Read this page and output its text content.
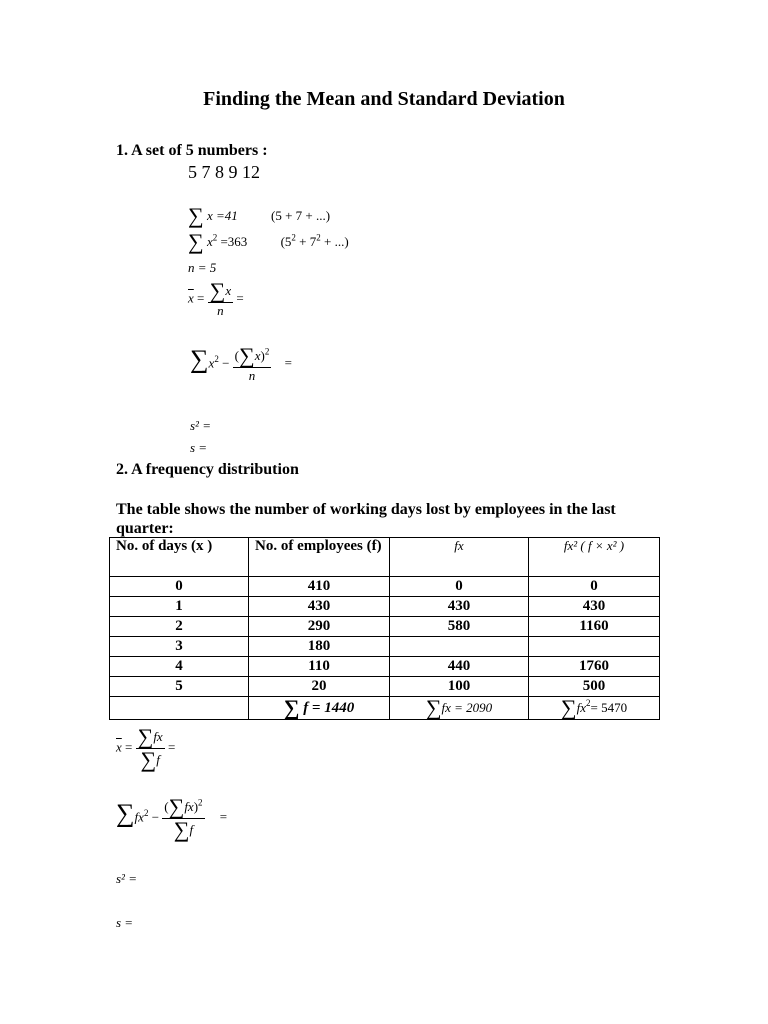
Finding the Mean and Standard Deviation
1. A set of 5 numbers :
5 7 8 9 12
∑ x =41	(5 + 7 + ...)
∑ $x^2 =363$	($5^2 + 7^2$ + ...)
n = 5
$\overline{x} = \frac{\sum x}{n}$ =
$\sum x^2 - \frac{(\sum x)^2}{n}$ =
s² =
s =
2. A frequency distribution
The table shows the number of working days lost by employees in the last quarter:
No. of days (x )	No. of employees (f)	fx	fx² ( f × x² )
0	410	0	0
1	430	430	430
2	290	580	1160
3	180		
4	110	440	1760
5	20	100	500
	∑ f = 1440	∑fx = 2090	$\sum fx^2= 5470$
$\overline{x} = \frac{\sum fx}{\sum f}$ =
$\sum fx^2 - \frac{(\sum fx)^2}{\sum f}$ =
s² =
s =
